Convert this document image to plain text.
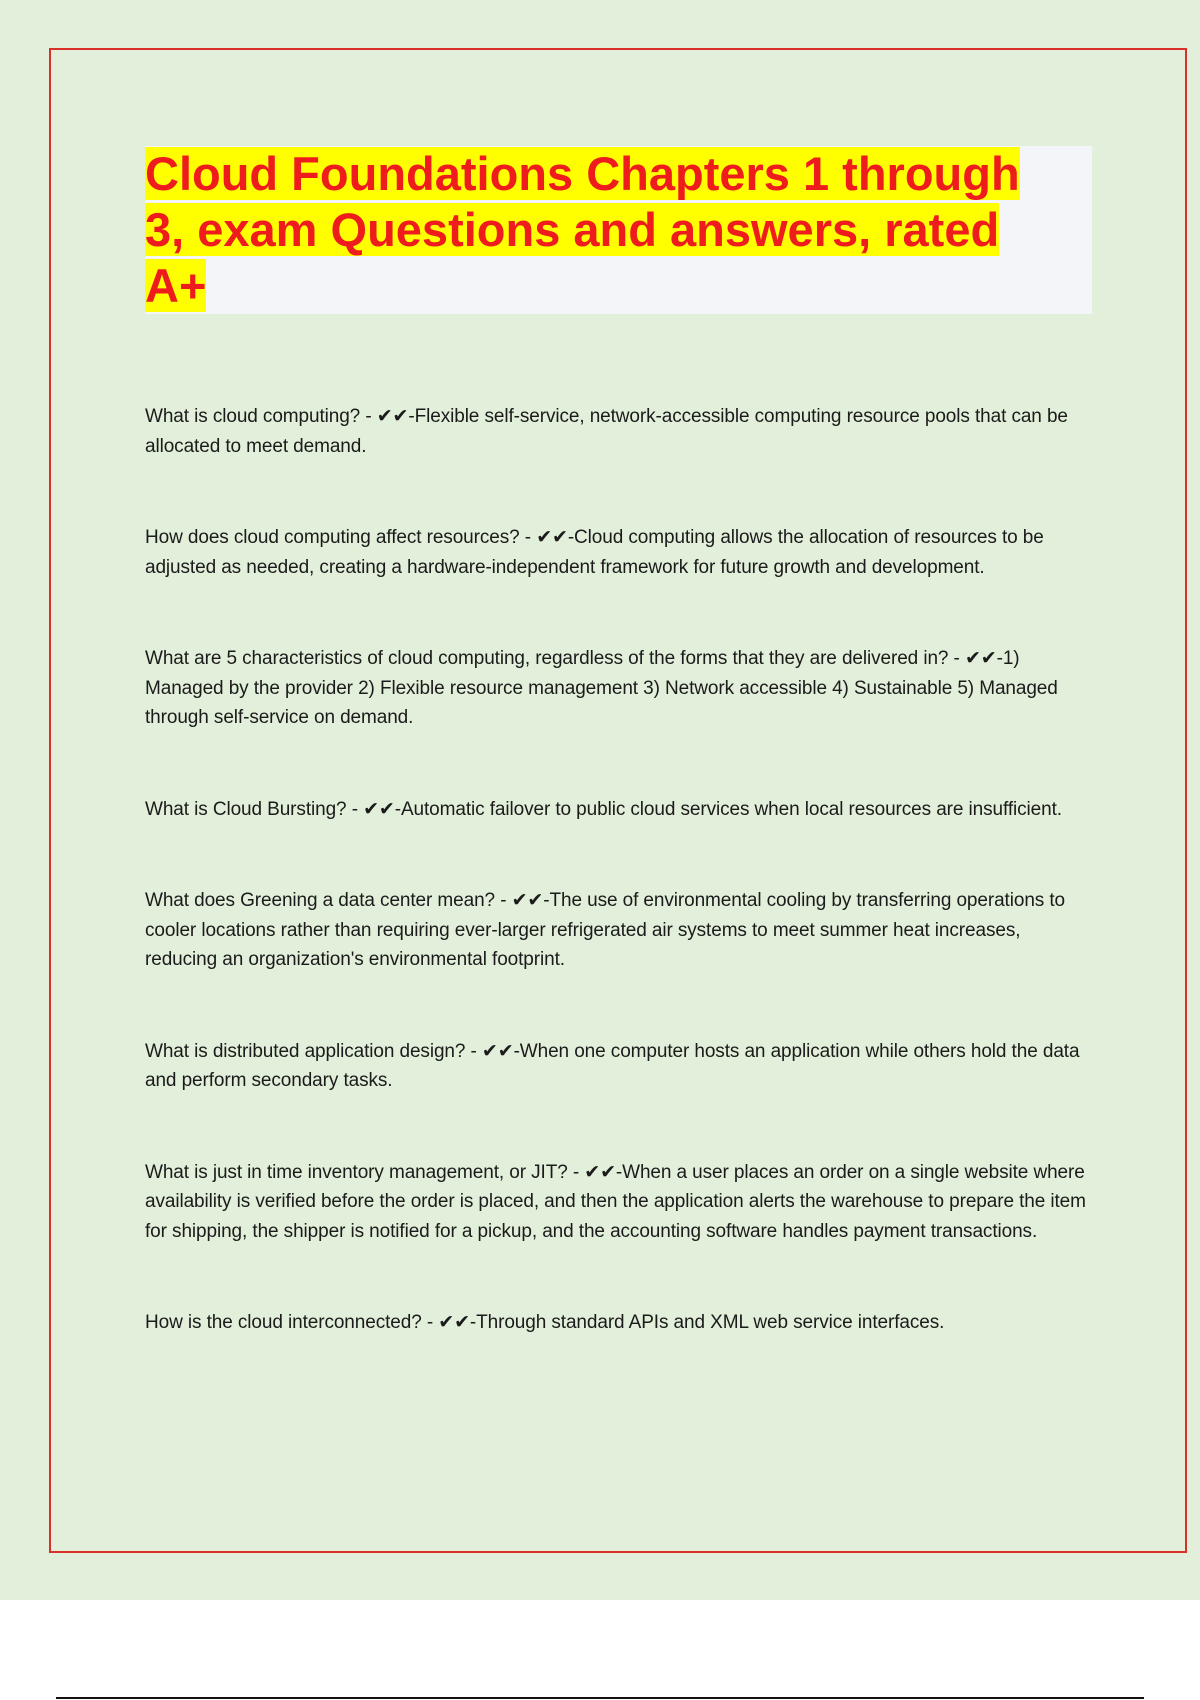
Cloud Foundations Chapters 1 through 3, exam Questions and answers, rated A+

What is cloud computing? - ✔✔-Flexible self-service, network-accessible computing resource pools that can be allocated to meet demand.

How does cloud computing affect resources? - ✔✔-Cloud computing allows the allocation of resources to be adjusted as needed, creating a hardware-independent framework for future growth and development.

What are 5 characteristics of cloud computing, regardless of the forms that they are delivered in? - ✔✔-1) Managed by the provider 2) Flexible resource management 3) Network accessible 4) Sustainable 5) Managed through self-service on demand.

What is Cloud Bursting? - ✔✔-Automatic failover to public cloud services when local resources are insufficient.

What does Greening a data center mean? - ✔✔-The use of environmental cooling by transferring operations to cooler locations rather than requiring ever-larger refrigerated air systems to meet summer heat increases, reducing an organization's environmental footprint.

What is distributed application design? - ✔✔-When one computer hosts an application while others hold the data and perform secondary tasks.

What is just in time inventory management, or JIT? - ✔✔-When a user places an order on a single website where availability is verified before the order is placed, and then the application alerts the warehouse to prepare the item for shipping, the shipper is notified for a pickup, and the accounting software handles payment transactions.

How is the cloud interconnected? - ✔✔-Through standard APIs and XML web service interfaces.
